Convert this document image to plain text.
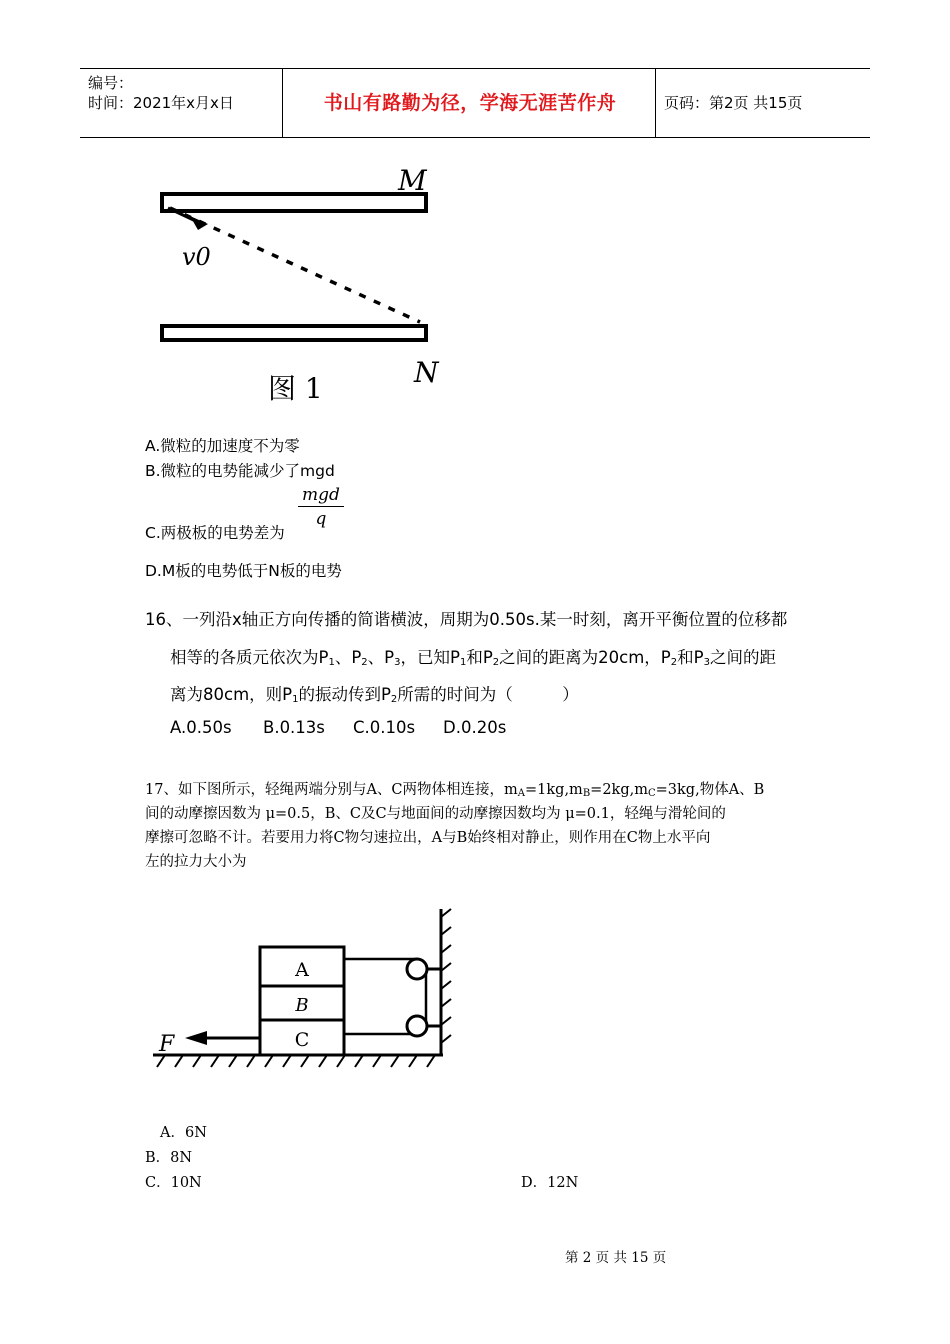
编号：
时间：2021年x月x日	书山有路勤为径，学海无涯苦作舟	页码：第2页 共15页
M
N
v0
图 1
A.微粒的加速度不为零
B.微粒的电势能减少了mgd
mgd
q
C.两极板的电势差为
D.M板的电势低于N板的电势
16、一列沿x轴正方向传播的简谐横波，周期为0.50s.某一时刻，离开平衡位置的位移都
相等的各质元依次为$P_1$、$P_2$、$P_3$，已知$P_1$和$P_2$之间的距离为20cm，$P_2$和$P_3$之间的距
离为80cm，则$P_1$的振动传到$P_2$所需的时间为（　　　）
A.0.50s B.0.13s C.0.10s D.0.20s
17、如下图所示，轻绳两端分别与A、C两物体相连接，$m_A=1kg,m_B=2kg,m_C=3kg$,物体A、B
间的动摩擦因数为 μ=0.5，B、C及C与地面间的动摩擦因数均为 μ=0.1，轻绳与滑轮间的
摩擦可忽略不计。若要用力将C物匀速拉出，A与B始终相对静止，则作用在C物上水平向
左的拉力大小为
A
B
C
F
A．6N
B．8N
C．10N	D．12N
第 2 页 共 15 页
